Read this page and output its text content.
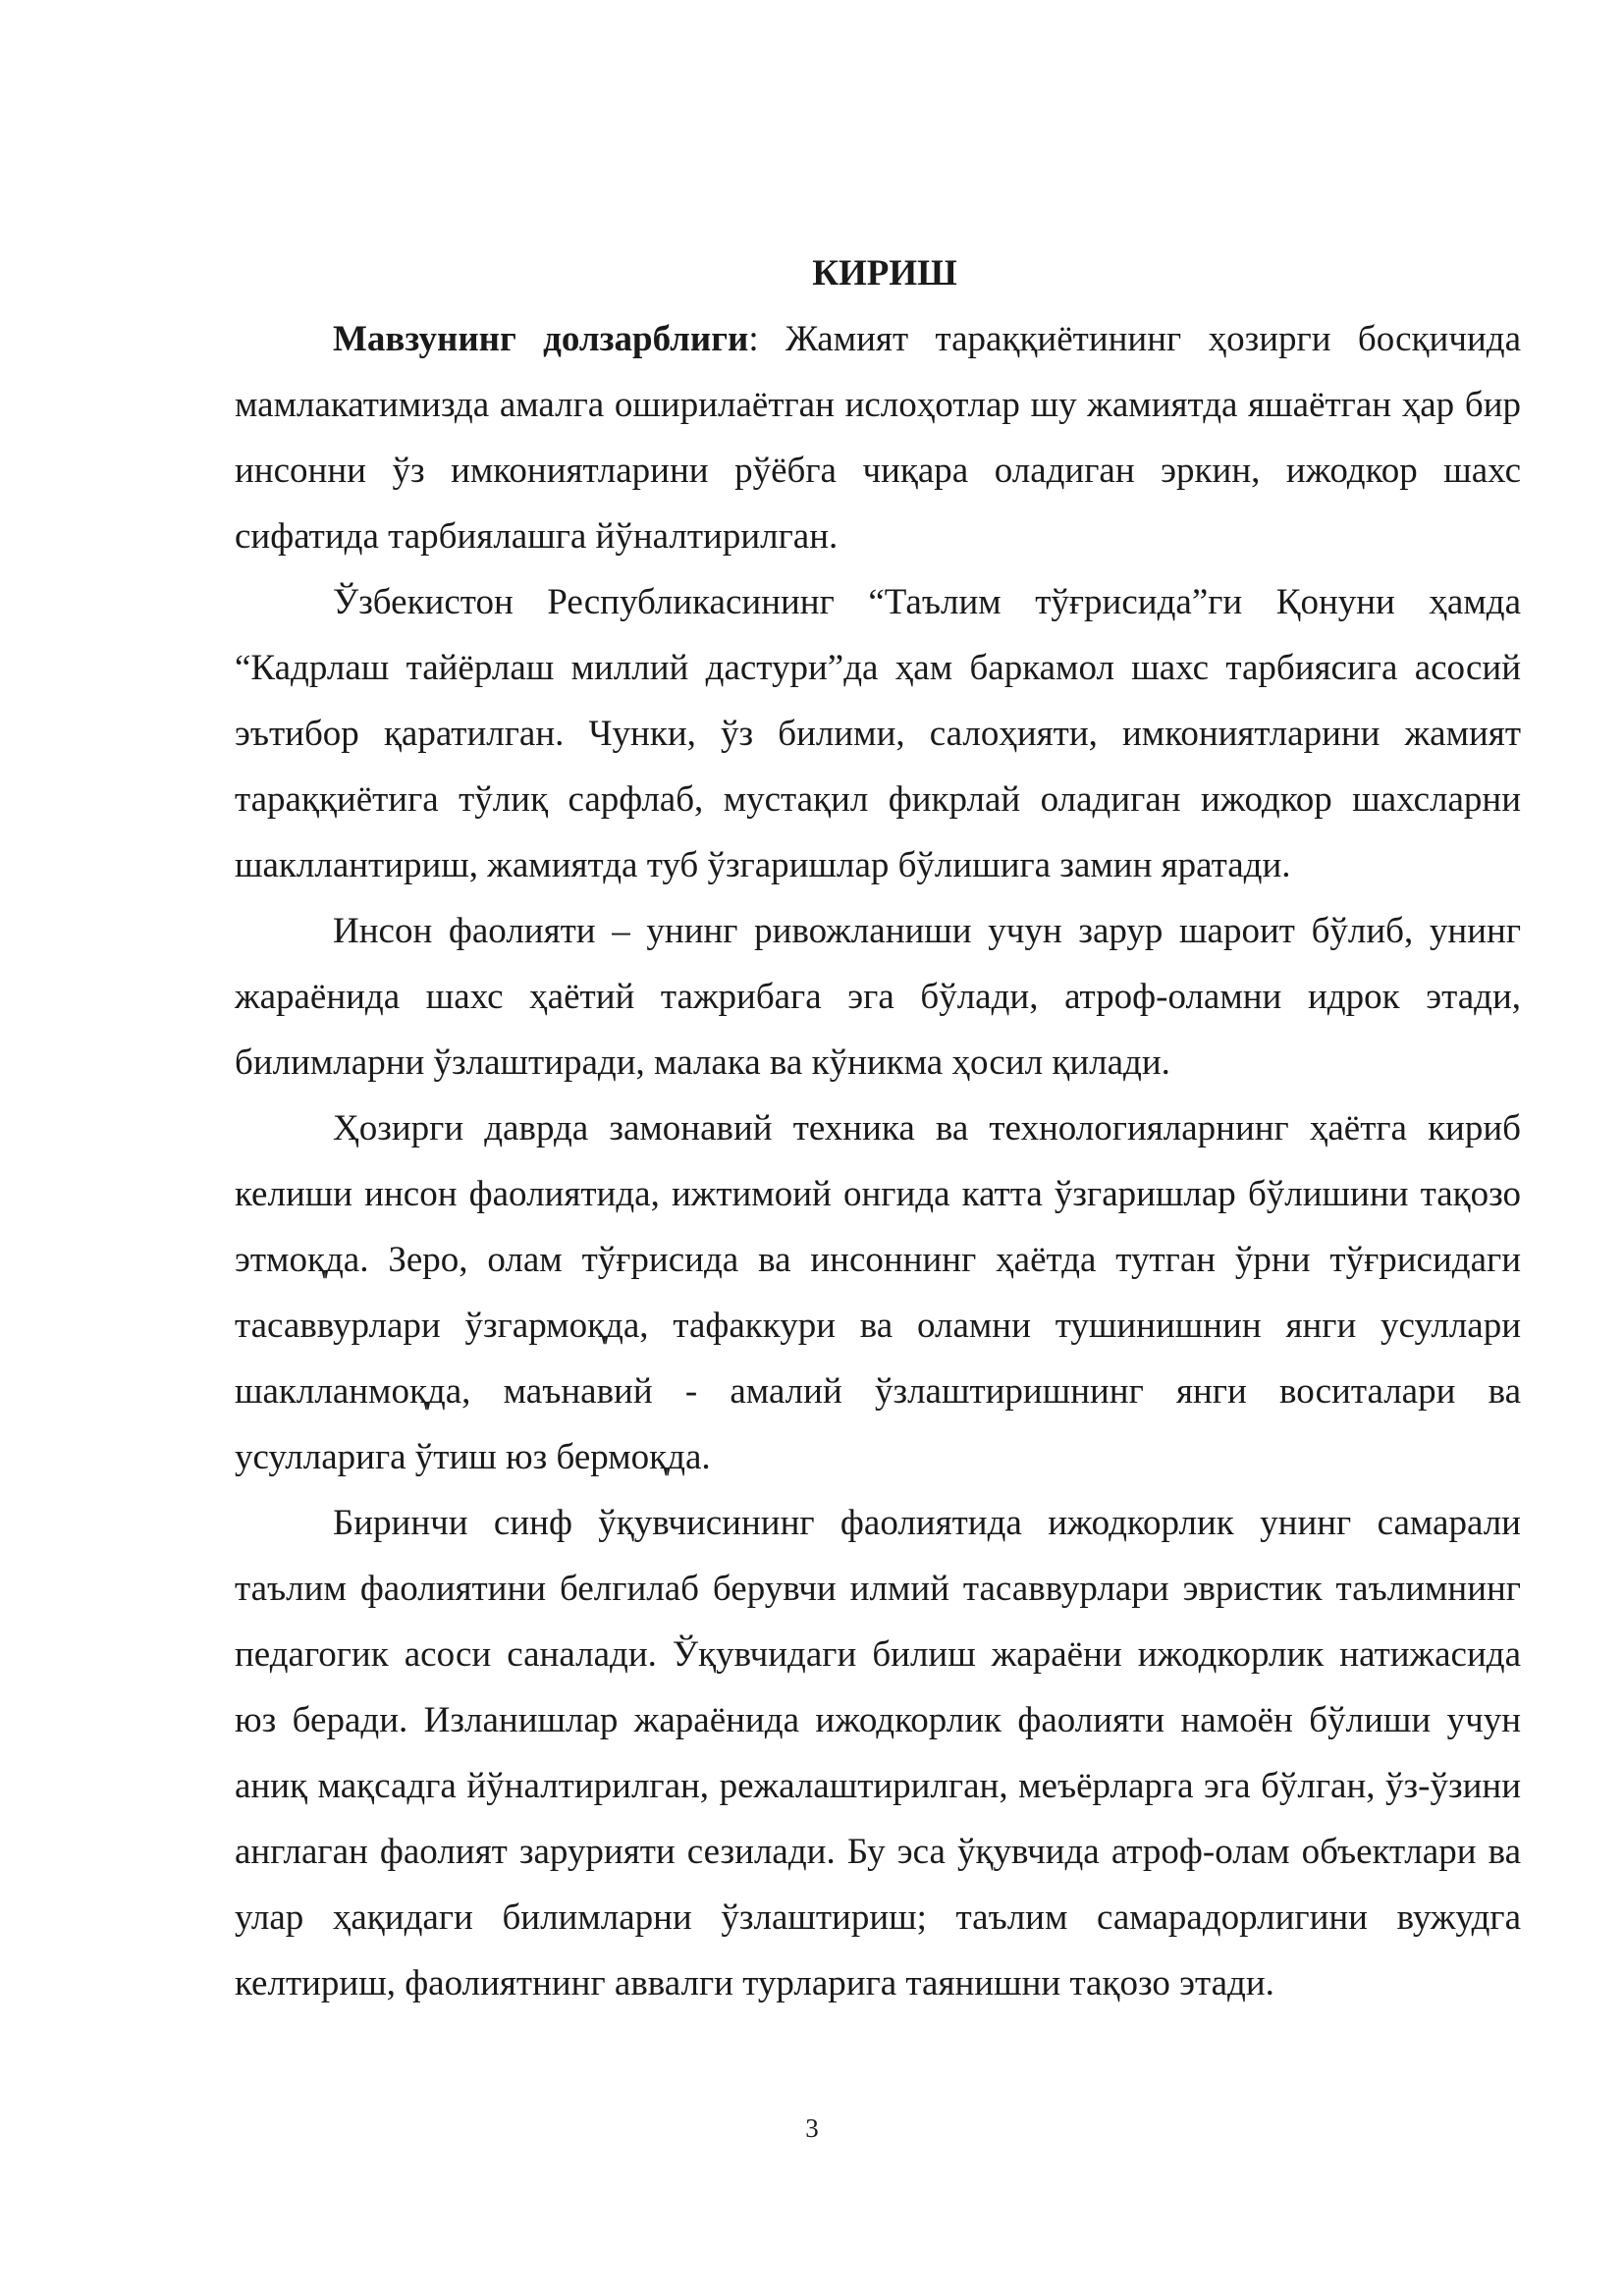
КИРИШ

Мавзунинг долзарблиги: Жамият тараққиётининг ҳозирги босқичида мамлакатимизда амалга оширилаётган ислоҳотлар шу жамиятда яшаётган ҳар бир инсонни ўз имкониятларини рўёбга чиқара оладиган эркин, ижодкор шахс сифатида тарбиялашга йўналтирилган.

Ўзбекистон Республикасининг “Таълим тўғрисида”ги Қонуни ҳамда “Кадрлаш тайёрлаш миллий дастури”да ҳам баркамол шахс тарбиясига асосий эътибор қаратилган. Чунки, ўз билими, салоҳияти, имкониятларини жамият тараққиётига тўлиқ сарфлаб, мустақил фикрлай оладиган ижодкор шахсларни шакллантириш, жамиятда туб ўзгаришлар бўлишига замин яратади.

Инсон фаолияти – унинг ривожланиши учун зарур шароит бўлиб, унинг жараёнида шахс ҳаётий тажрибага эга бўлади, атроф-оламни идрок этади, билимларни ўзлаштиради, малака ва кўникма ҳосил қилади.

Ҳозирги даврда замонавий техника ва технологияларнинг ҳаётга кириб келиши инсон фаолиятида, ижтимоий онгида катта ўзгаришлар бўлишини тақозо этмоқда. Зеро, олам тўғрисида ва инсоннинг ҳаётда тутган ўрни тўғрисидаги тасаввурлари ўзгармоқда, тафаккури ва оламни тушинишнин янги усуллари шаклланмоқда, маънавий - амалий ўзлаштиришнинг янги воситалари ва усулларига ўтиш юз бермоқда.

Биринчи синф ўқувчисининг фаолиятида ижодкорлик унинг самарали таълим фаолиятини белгилаб берувчи илмий тасаввурлари эвристик таълимнинг педагогик асоси саналади. Ўқувчидаги билиш жараёни ижодкорлик натижасида юз беради. Изланишлар жараёнида ижодкорлик фаолияти намоён бўлиши учун аниқ мақсадга йўналтирилган, режалаштирилган, меъёрларга эга бўлган, ўз-ўзини англаган фаолият зарурияти сезилади. Бу эса ўқувчида атроф-олам объектлари ва улар ҳақидаги билимларни ўзлаштириш; таълим самарадорлигини вужудга келтириш, фаолиятнинг аввалги турларига таянишни тақозо этади.

3
